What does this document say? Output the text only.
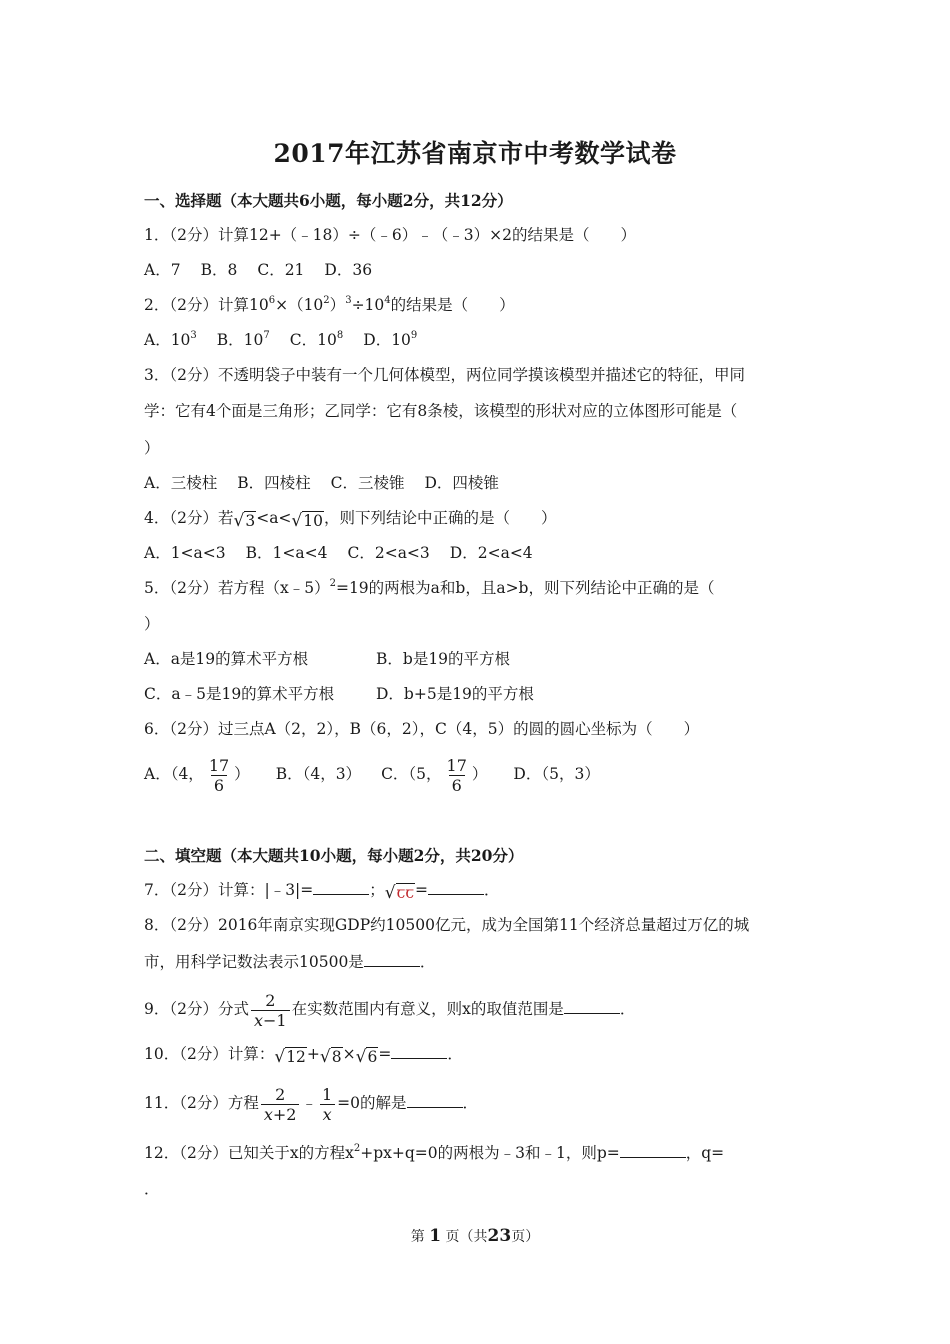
2017年江苏省南京市中考数学试卷
一、选择题（本大题共6小题，每小题2分，共12分）
1．（2分）计算12+（﹣18）÷（﹣6）﹣（﹣3）×2的结果是（　　）
A．7 B．8 C．21 D．36
2．（2分）计算$10^6\times(10^2)^3\div 10^4$的结果是（　　）
A．$10^3$ B．$10^7$ C．$10^8$ D．$10^9$
3．（2分）不透明袋子中装有一个几何体模型，两位同学摸该模型并描述它的特征，甲同
学：它有4个面是三角形；乙同学：它有8条棱，该模型的形状对应的立体图形可能是（
）
A．三棱柱 B．四棱柱 C．三棱锥 D．四棱锥
4．（2分）若 √ 3 <a< √ 10 ，则下列结论中正确的是（　　）
A．1<a<3 B．1<a<4 C．2<a<3 D．2<a<4
5．（2分）若方程（x﹣5）$^2$=19的两根为a和b，且a>b，则下列结论中正确的是（
）
A．a是19的算术平方根	B．b是19的平方根
C．a﹣5是19的算术平方根	D．b+5是19的平方根
6．（2分）过三点A（2，2），B（6，2），C（4，5）的圆的圆心坐标为（　　）
A．（4， $\frac{17}{6}$ ） B．（4，3） C．（5， $\frac{17}{6}$ ） D．（5，3）
二、填空题（本大题共10小题，每小题2分，共20分）
7．（2分）计算：|﹣3|=	； √ ꞇꞇ =	．
8．（2分）2016年南京实现GDP约10500亿元，成为全国第11个经济总量超过万亿的城
市，用科学记数法表示10500是	．
9．（2分）分式 $\frac{2}{x-1}$ 在实数范围内有意义，则x的取值范围是	．
10．（2分）计算： √ 12 + √ 8 × √ 6 =	．
11．（2分）方程 $\frac{2}{x+2}$ ﹣ $\frac{1}{x} =0$的解是	．
12．（2分）已知关于x的方程$x^2+px+q=0$的两根为﹣3和﹣1，则p=	，q=
．
第 1 页（共23页）
